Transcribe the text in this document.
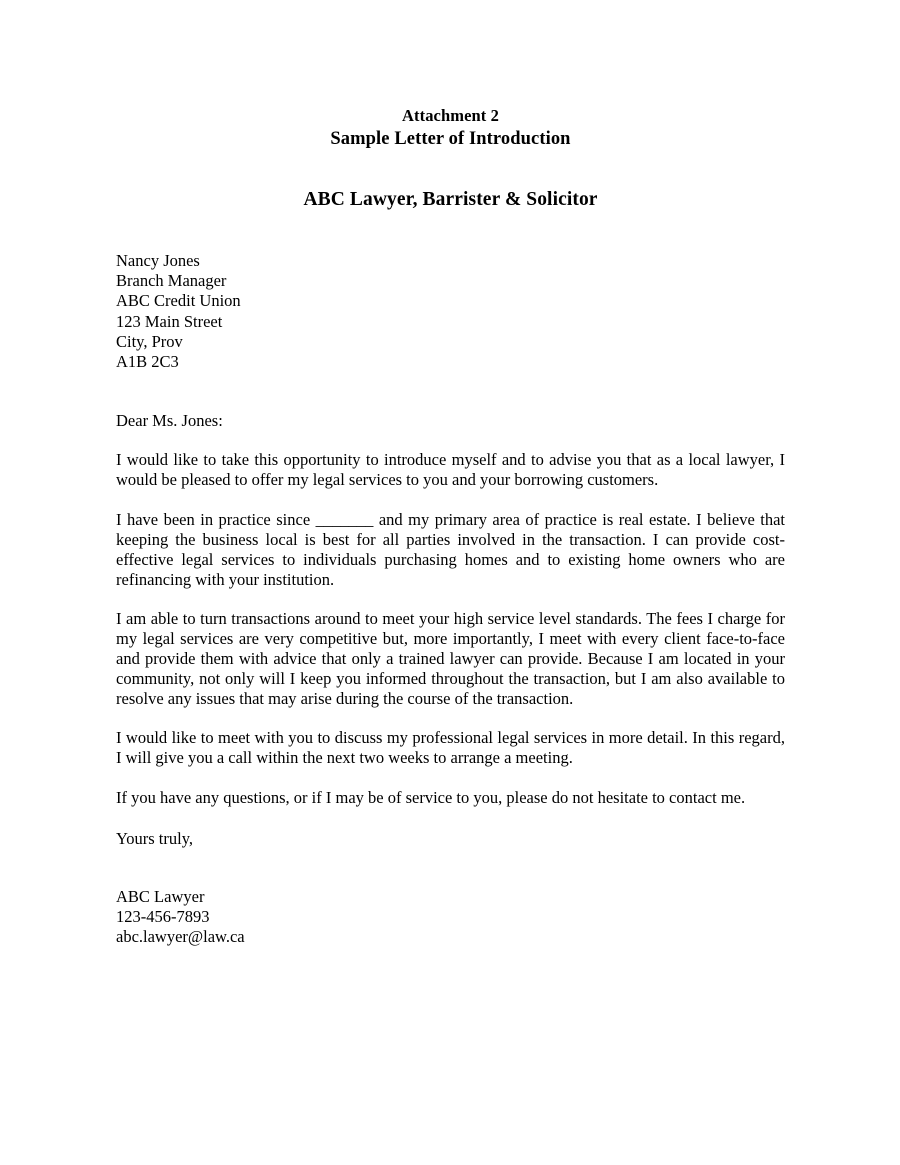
Attachment 2
Sample Letter of Introduction
ABC Lawyer, Barrister & Solicitor
Nancy Jones
Branch Manager
ABC Credit Union
123 Main Street
City, Prov
A1B 2C3
Dear Ms. Jones:

I would like to take this opportunity to introduce myself and to advise you that as a local lawyer, I would be pleased to offer my legal services to you and your borrowing customers.

I have been in practice since _______ and my primary area of practice is real estate. I believe that keeping the business local is best for all parties involved in the transaction. I can provide cost-effective legal services to individuals purchasing homes and to existing home owners who are refinancing with your institution.

I am able to turn transactions around to meet your high service level standards. The fees I charge for my legal services are very competitive but, more importantly, I meet with every client face-to-face and provide them with advice that only a trained lawyer can provide. Because I am located in your community, not only will I keep you informed throughout the transaction, but I am also available to resolve any issues that may arise during the course of the transaction.

I would like to meet with you to discuss my professional legal services in more detail. In this regard, I will give you a call within the next two weeks to arrange a meeting.

If you have any questions, or if I may be of service to you, please do not hesitate to contact me.

Yours truly,
ABC Lawyer
123-456-7893
abc.lawyer@law.ca
